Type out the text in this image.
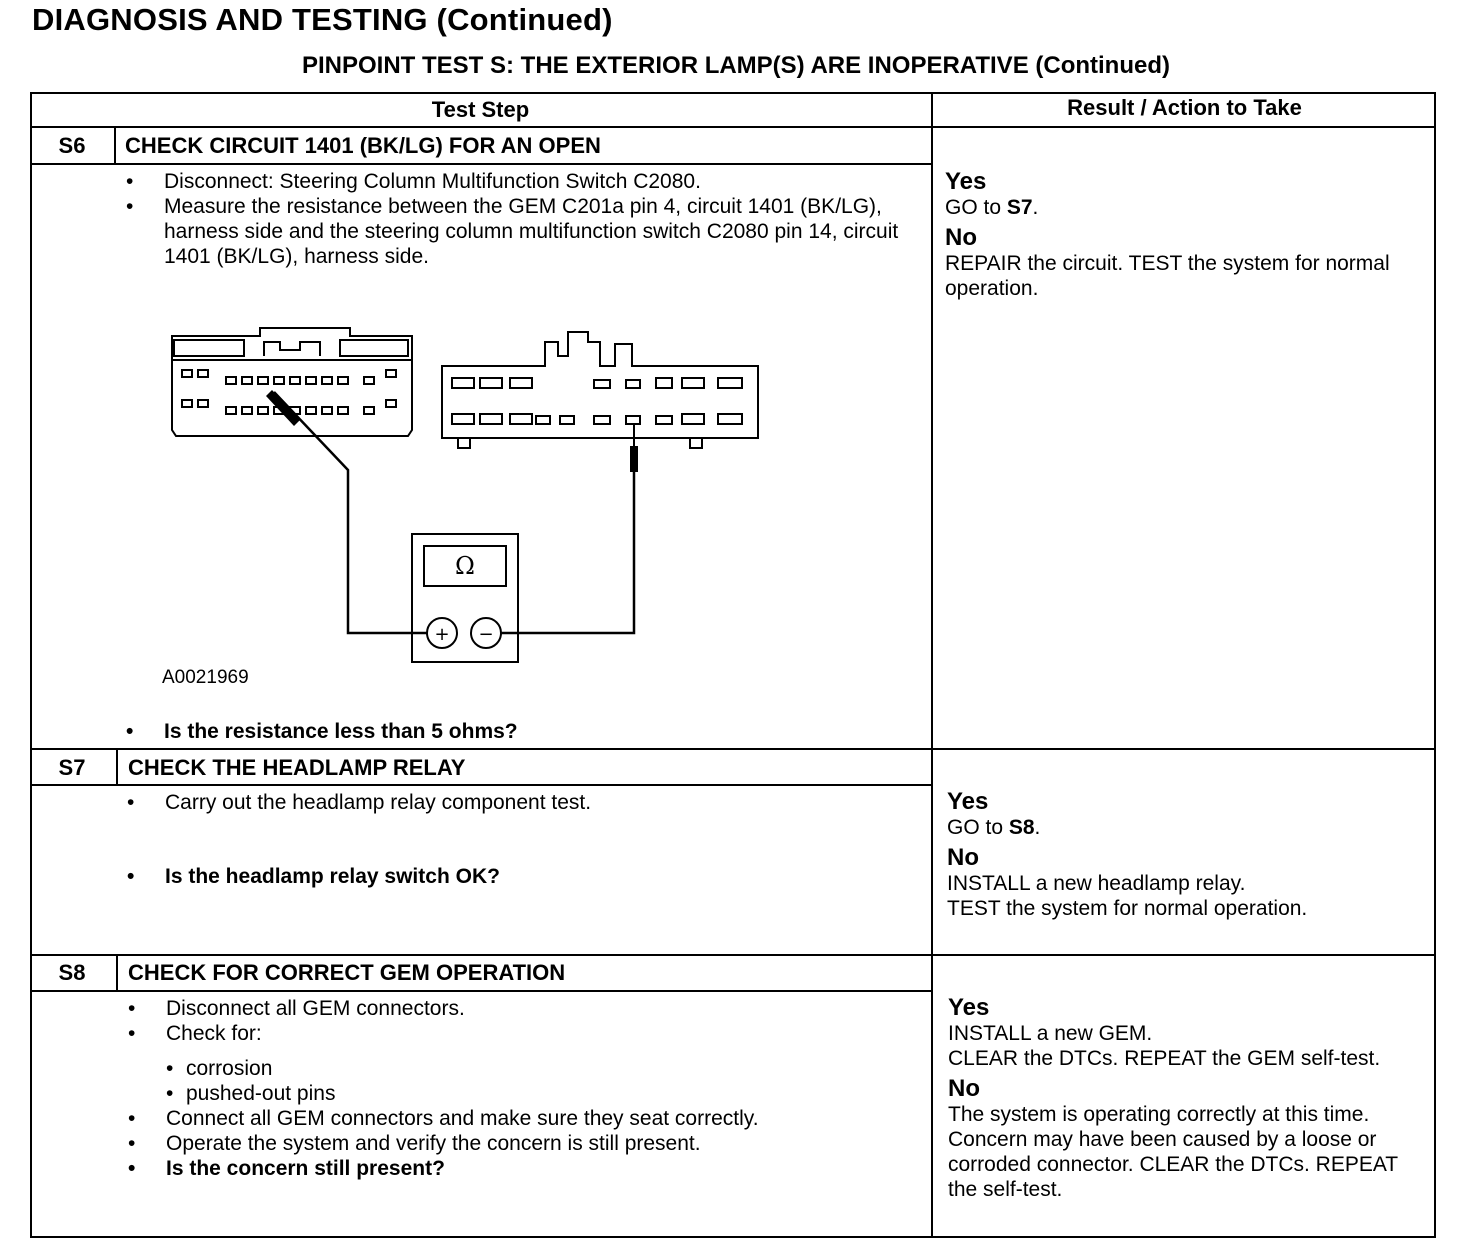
DIAGNOSIS AND TESTING (Continued)
PINPOINT TEST S: THE EXTERIOR LAMP(S) ARE INOPERATIVE (Continued)
Test Step	Result / Action to Take
S6	CHECK CIRCUIT 1401 (BK/LG) FOR AN OPEN
• Disconnect: Steering Column Multifunction Switch C2080.
• Measure the resistance between the GEM C201a pin 4, circuit 1401 (BK/LG), harness side and the steering column multifunction switch C2080 pin 14, circuit 1401 (BK/LG), harness side.
Ω
+ −
A0021969
• Is the resistance less than 5 ohms?
Yes

GO to S7.

No

REPAIR the circuit. TEST the system for normal operation.

S7	CHECK THE HEADLAMP RELAY
• Carry out the headlamp relay component test.
• Is the headlamp relay switch OK?
Yes

GO to S8.

No

INSTALL a new headlamp relay.

TEST the system for normal operation.

S8	CHECK FOR CORRECT GEM OPERATION
• Disconnect all GEM connectors.
• Check for:
• corrosion
• pushed-out pins
• Connect all GEM connectors and make sure they seat correctly.
• Operate the system and verify the concern is still present.
• Is the concern still present?
Yes

INSTALL a new GEM.

CLEAR the DTCs. REPEAT the GEM self-test.

No

The system is operating correctly at this time. Concern may have been caused by a loose or corroded connector. CLEAR the DTCs. REPEAT the self-test.
